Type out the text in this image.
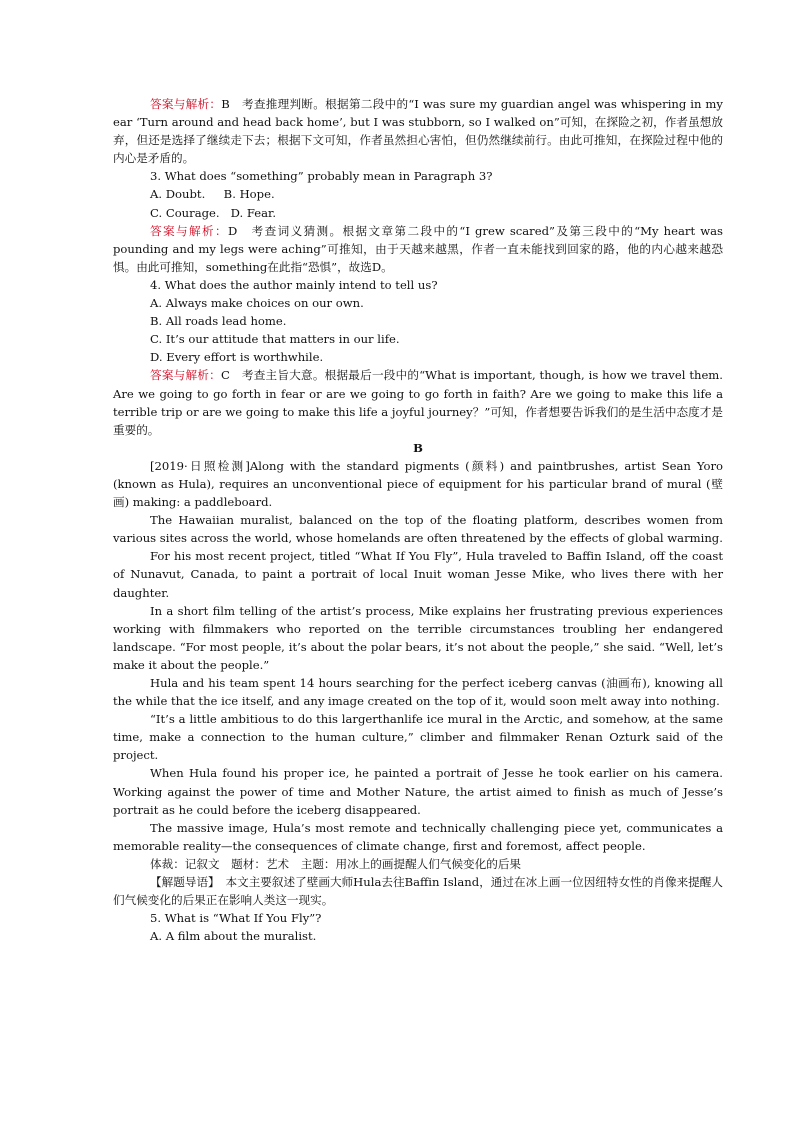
答案与解析：B　考查推理判断。根据第二段中的“I was sure my guardian angel was whispering in my ear ‘Turn around and head back home’, but I was stubborn, so I walked on”可知，在探险之初，作者虽想放弃，但还是选择了继续走下去；根据下文可知，作者虽然担心害怕，但仍然继续前行。由此可推知，在探险过程中他的内心是矛盾的。

3. What does “something” probably mean in Paragraph 3?

A. Doubt.     B. Hope.

C. Courage.   D. Fear.

答案与解析：D　考查词义猜测。根据文章第二段中的“I grew scared”及第三段中的“My heart was pounding and my legs were aching”可推知，由于天越来越黑，作者一直未能找到回家的路，他的内心越来越恐惧。由此可推知，something在此指“恐惧”，故选D。

4. What does the author mainly intend to tell us?

A. Always make choices on our own.

B. All roads lead home.

C. It’s our attitude that matters in our life.

D. Every effort is worthwhile.

答案与解析：C　考查主旨大意。根据最后一段中的“What is important, though, is how we travel them. Are we going to go forth in fear or are we going to go forth in faith? Are we going to make this life a terrible trip or are we going to make this life a joyful journey？”可知，作者想要告诉我们的是生活中态度才是重要的。

B

[2019·日照检测]Along with the standard pigments (颜料) and paintbrushes, artist Sean Yoro (known as Hula), requires an unconventional piece of equipment for his particular brand of mural (壁画) making: a paddleboard.

The Hawaiian muralist, balanced on the top of the floating platform, describes women from various sites across the world, whose homelands are often threatened by the effects of global warming.

For his most recent project, titled “What If You Fly”, Hula traveled to Baffin Island, off the coast of Nunavut, Canada, to paint a portrait of local Inuit woman Jesse Mike, who lives there with her daughter.

In a short film telling of the artist’s process, Mike explains her frustrating previous experiences working with filmmakers who reported on the terrible circumstances troubling her endangered landscape. “For most people, it’s about the polar bears, it’s not about the people,” she said. “Well, let’s make it about the people.”

Hula and his team spent 14 hours searching for the perfect iceberg canvas (油画布), knowing all the while that the ice itself, and any image created on the top of it, would soon melt away into nothing.

“It’s a little ambitious to do this largerthanlife ice mural in the Arctic, and somehow, at the same time, make a connection to the human culture,” climber and filmmaker Renan Ozturk said of the project.

When Hula found his proper ice, he painted a portrait of Jesse he took earlier on his camera. Working against the power of time and Mother Nature, the artist aimed to finish as much of Jesse’s portrait as he could before the iceberg disappeared.

The massive image, Hula’s most remote and technically challenging piece yet, communicates a memorable reality—the consequences of climate change, first and foremost, affect people.

体裁：记叙文　题材：艺术　主题：用冰上的画提醒人们气候变化的后果

【解题导语】　本文主要叙述了壁画大师Hula去往Baffin Island，通过在冰上画一位因纽特女性的肖像来提醒人们气候变化的后果正在影响人类这一现实。

5. What is “What If You Fly”?

A. A film about the muralist.
